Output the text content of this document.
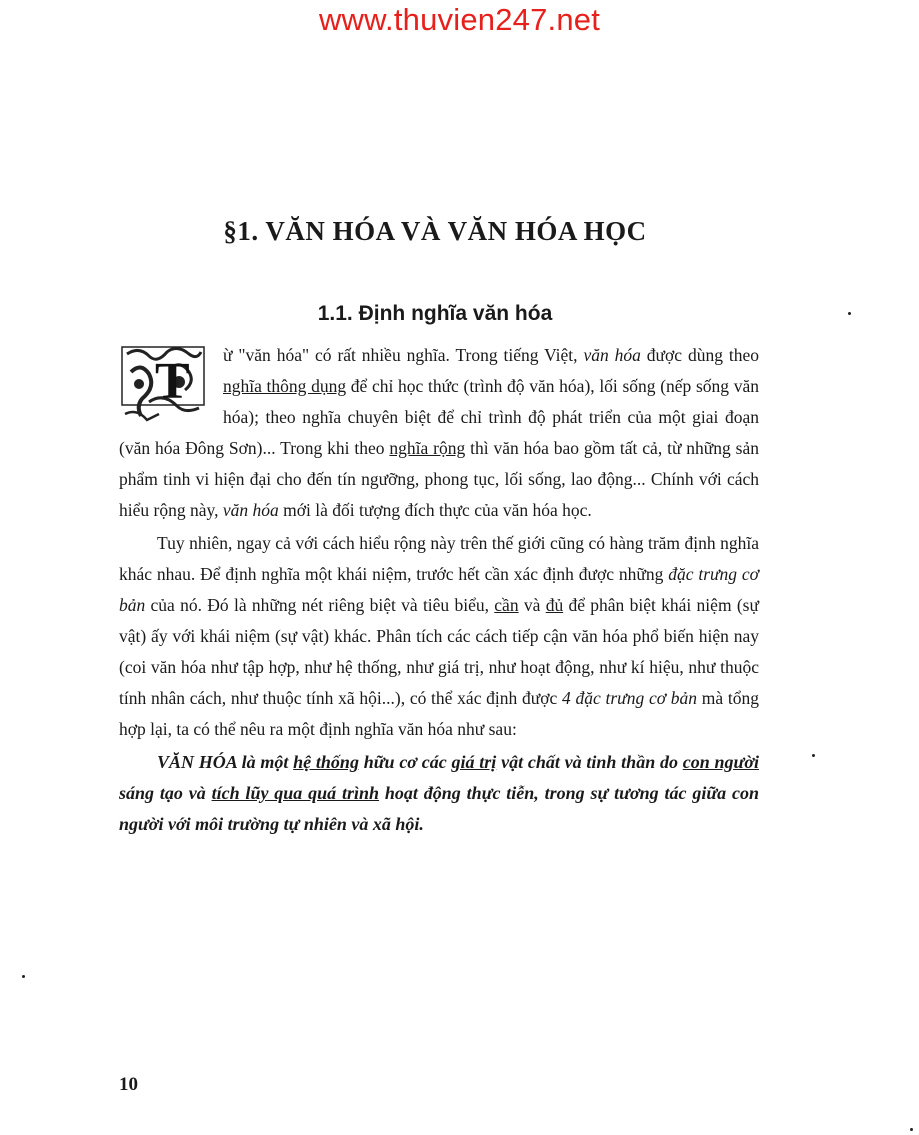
www.thuvien247.net
§1. VĂN HÓA VÀ VĂN HÓA HỌC
1.1. Định nghĩa văn hóa

T ừ "văn hóa" có rất nhiều nghĩa. Trong tiếng Việt, văn hóa được dùng theo nghĩa thông dụng để chỉ học thức (trình độ văn hóa), lối sống (nếp sống văn hóa); theo nghĩa chuyên biệt để chỉ trình độ phát triển của một giai đoạn (văn hóa Đông Sơn)... Trong khi theo nghĩa rộng thì văn hóa bao gồm tất cả, từ những sản phẩm tinh vi hiện đại cho đến tín ngưỡng, phong tục, lối sống, lao động... Chính với cách hiểu rộng này, văn hóa mới là đối tượng đích thực của văn hóa học.

Tuy nhiên, ngay cả với cách hiểu rộng này trên thế giới cũng có hàng trăm định nghĩa khác nhau. Để định nghĩa một khái niệm, trước hết cần xác định được những đặc trưng cơ bản của nó. Đó là những nét riêng biệt và tiêu biểu, cần và đủ để phân biệt khái niệm (sự vật) ấy với khái niệm (sự vật) khác. Phân tích các cách tiếp cận văn hóa phổ biến hiện nay (coi văn hóa như tập hợp, như hệ thống, như giá trị, như hoạt động, như kí hiệu, như thuộc tính nhân cách, như thuộc tính xã hội...), có thể xác định được 4 đặc trưng cơ bản mà tổng hợp lại, ta có thể nêu ra một định nghĩa văn hóa như sau:

VĂN HÓA là một hệ thống hữu cơ các giá trị vật chất và tinh thần do con người sáng tạo và tích lũy qua quá trình hoạt động thực tiễn, trong sự tương tác giữa con người với môi trường tự nhiên và xã hội.

10
